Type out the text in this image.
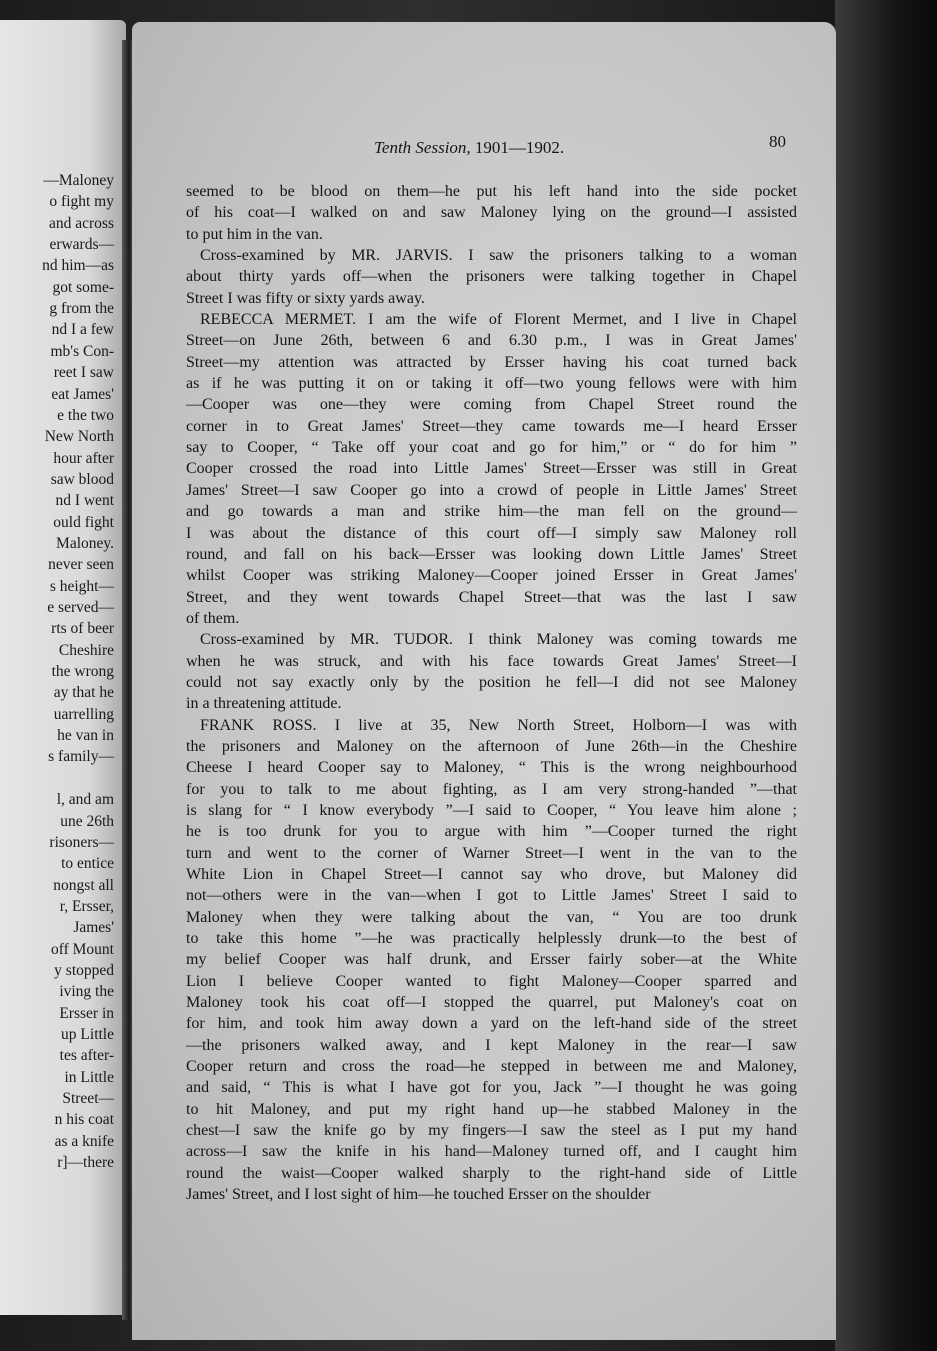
—Maloney
o fight my
and across
erwards—
nd him—as
got some-
g from the
nd I a few
mb's Con-
reet I saw
eat James'
e the two
New North
hour after
saw blood
nd I went
ould fight
Maloney.
never seen
s height—
e served—
rts of beer
Cheshire
the wrong
ay that he
uarrelling
he van in
s family—
l, and am
une 26th
risoners—
to entice
nongst all
r, Ersser,
James'
off Mount
y stopped
iving the
Ersser in
up Little
tes after-
in Little
Street—
n his coat
as a knife
r]—there
Tenth Session, 1901—1902.	80
seemed to be blood on them—he put his left hand into the side pocket
of his coat—I walked on and saw Maloney lying on the ground—I assisted
to put him in the van.
Cross-examined by MR. JARVIS. I saw the prisoners talking to a woman
about thirty yards off—when the prisoners were talking together in Chapel
Street I was fifty or sixty yards away.
REBECCA MERMET. I am the wife of Florent Mermet, and I live in Chapel
Street—on June 26th, between 6 and 6.30 p.m., I was in Great James'
Street—my attention was attracted by Ersser having his coat turned back
as if he was putting it on or taking it off—two young fellows were with him
—Cooper was one—they were coming from Chapel Street round the
corner in to Great James' Street—they came towards me—I heard Ersser
say to Cooper, “ Take off your coat and go for him,” or “ do for him ”
Cooper crossed the road into Little James' Street—Ersser was still in Great
James' Street—I saw Cooper go into a crowd of people in Little James' Street
and go towards a man and strike him—the man fell on the ground—
I was about the distance of this court off—I simply saw Maloney roll
round, and fall on his back—Ersser was looking down Little James' Street
whilst Cooper was striking Maloney—Cooper joined Ersser in Great James'
Street, and they went towards Chapel Street—that was the last I saw
of them.
Cross-examined by MR. TUDOR. I think Maloney was coming towards me
when he was struck, and with his face towards Great James' Street—I
could not say exactly only by the position he fell—I did not see Maloney
in a threatening attitude.
FRANK ROSS. I live at 35, New North Street, Holborn—I was with
the prisoners and Maloney on the afternoon of June 26th—in the Cheshire
Cheese I heard Cooper say to Maloney, “ This is the wrong neighbourhood
for you to talk to me about fighting, as I am very strong-handed ”—that
is slang for “ I know everybody ”—I said to Cooper, “ You leave him alone ;
he is too drunk for you to argue with him ”—Cooper turned the right
turn and went to the corner of Warner Street—I went in the van to the
White Lion in Chapel Street—I cannot say who drove, but Maloney did
not—others were in the van—when I got to Little James' Street I said to
Maloney when they were talking about the van, “ You are too drunk
to take this home ”—he was practically helplessly drunk—to the best of
my belief Cooper was half drunk, and Ersser fairly sober—at the White
Lion I believe Cooper wanted to fight Maloney—Cooper sparred and
Maloney took his coat off—I stopped the quarrel, put Maloney's coat on
for him, and took him away down a yard on the left-hand side of the street
—the prisoners walked away, and I kept Maloney in the rear—I saw
Cooper return and cross the road—he stepped in between me and Maloney,
and said, “ This is what I have got for you, Jack ”—I thought he was going
to hit Maloney, and put my right hand up—he stabbed Maloney in the
chest—I saw the knife go by my fingers—I saw the steel as I put my hand
across—I saw the knife in his hand—Maloney turned off, and I caught him
round the waist—Cooper walked sharply to the right-hand side of Little
James' Street, and I lost sight of him—he touched Ersser on the shoulder
